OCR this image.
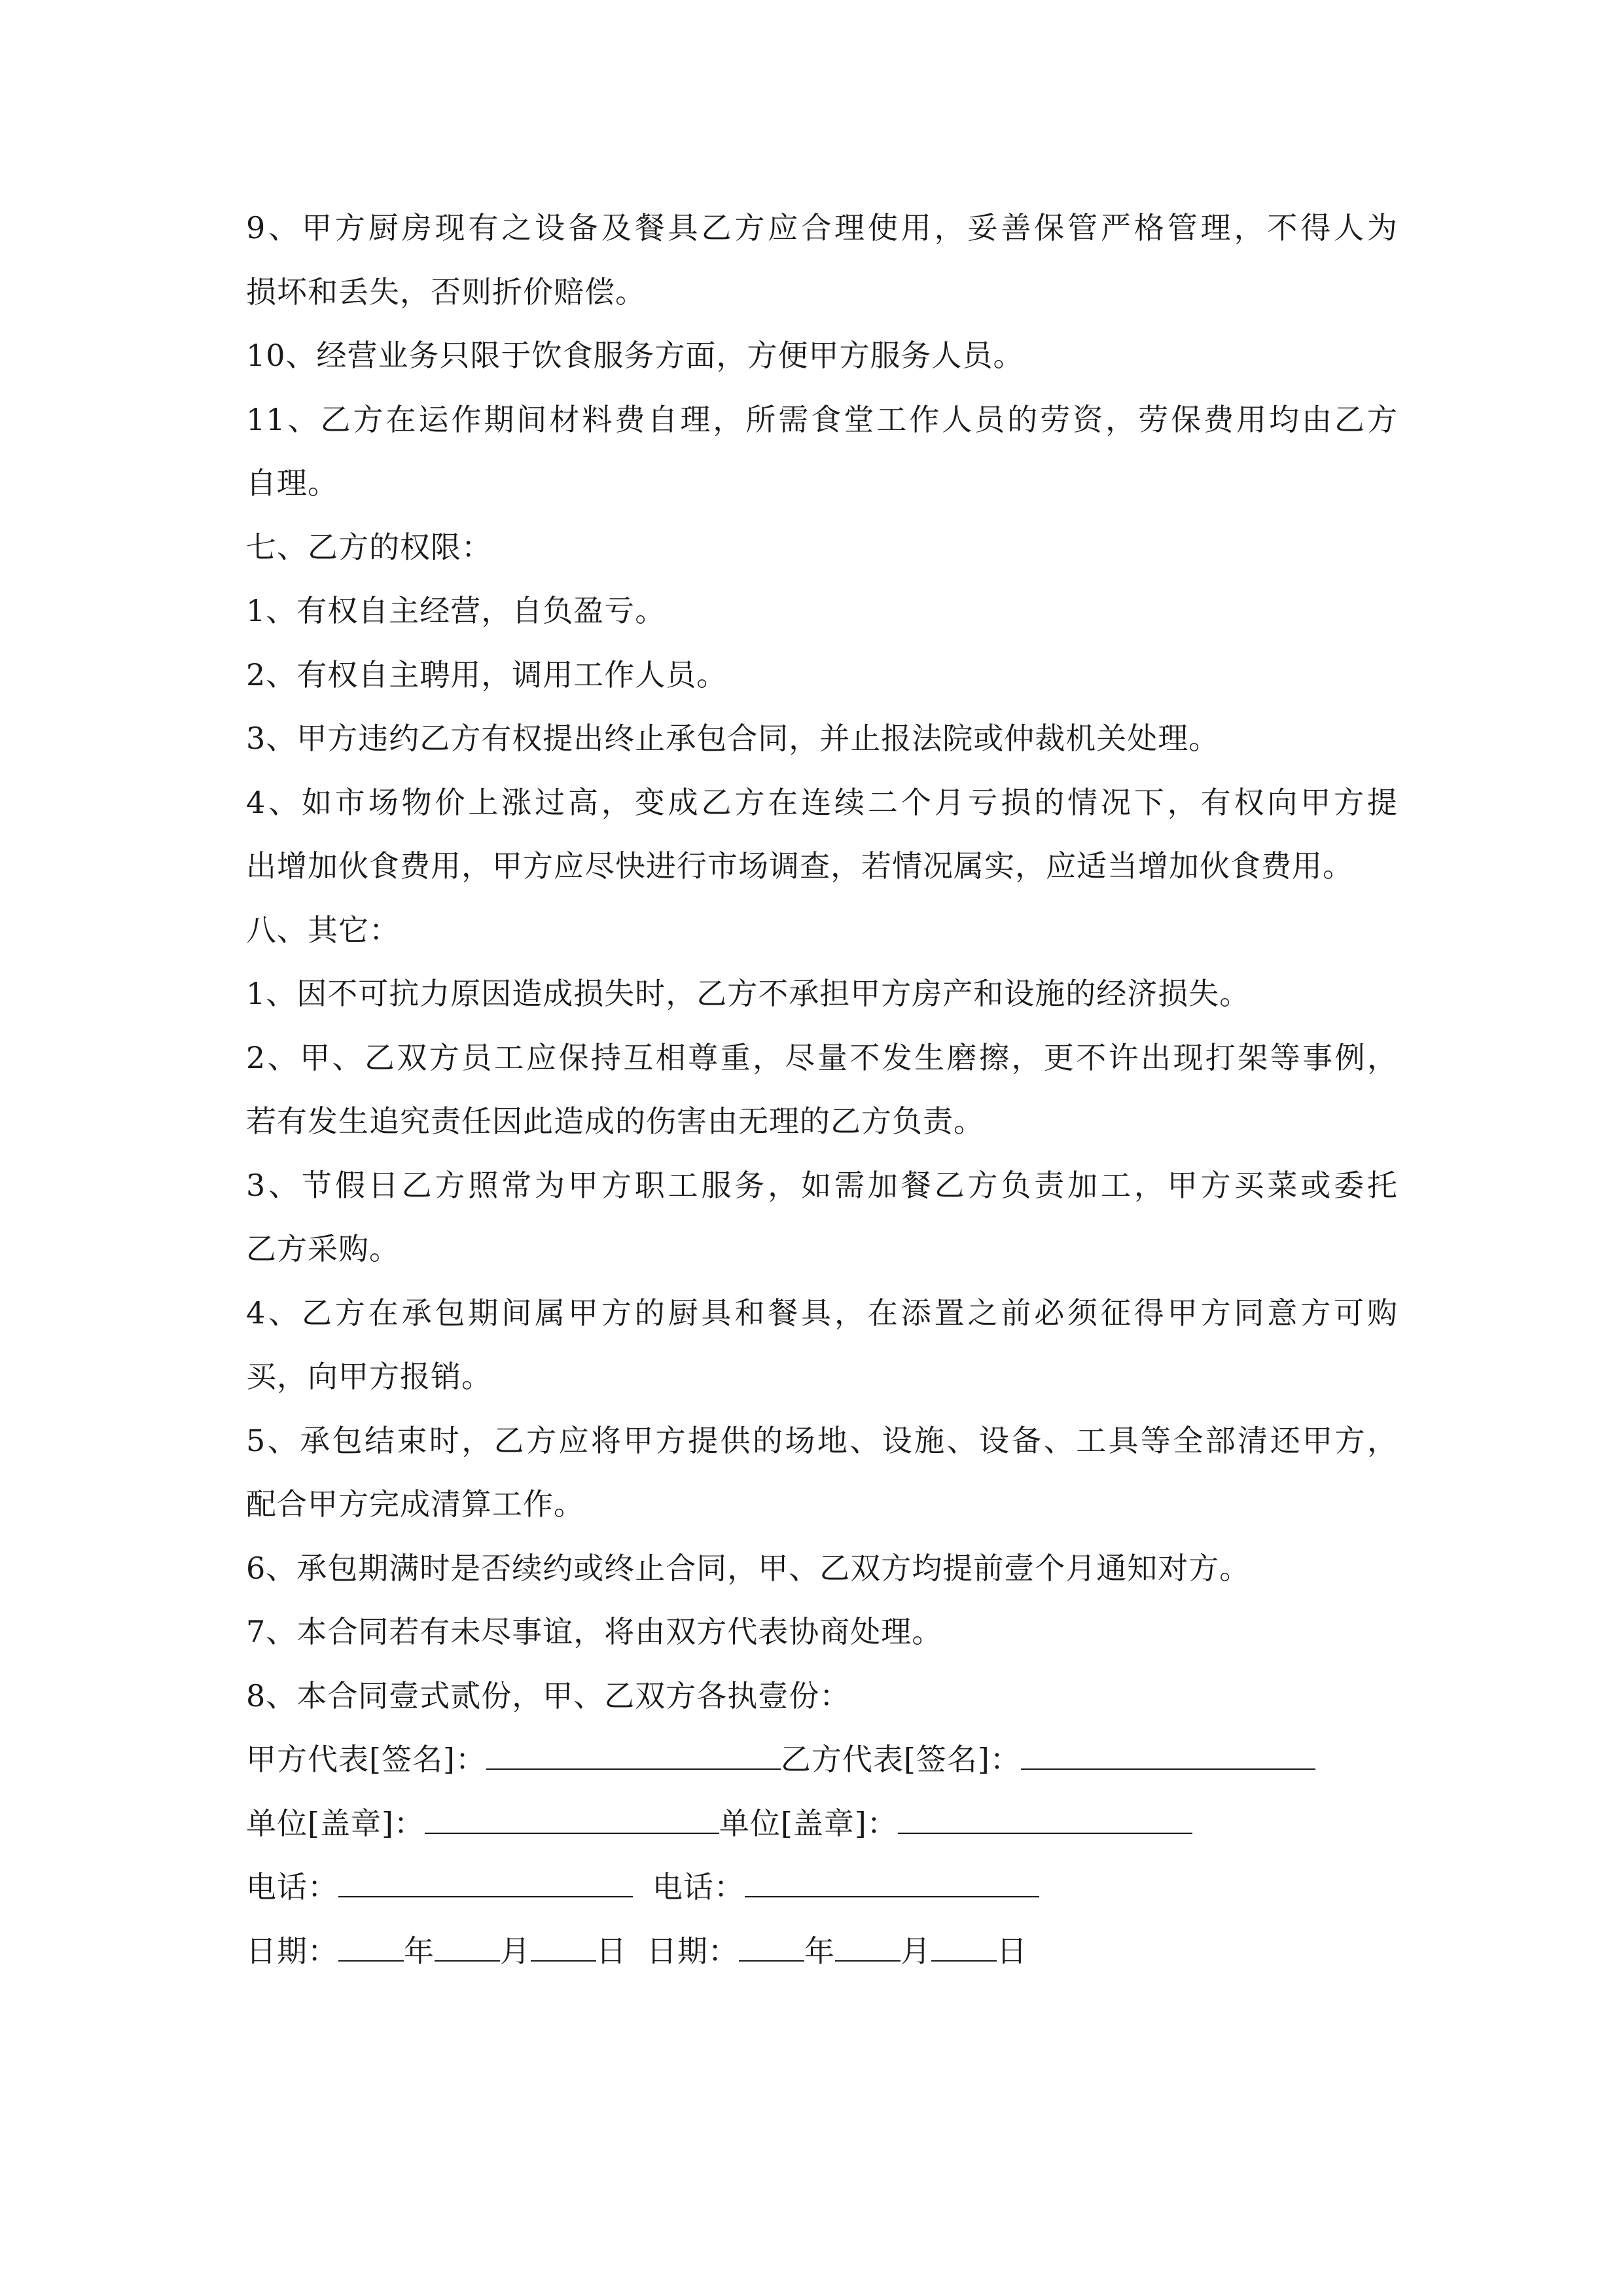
9、甲方厨房现有之设备及餐具乙方应合理使用，妥善保管严格管理，不得人为
损坏和丢失，否则折价赔偿。
10、经营业务只限于饮食服务方面，方便甲方服务人员。
11、乙方在运作期间材料费自理，所需食堂工作人员的劳资，劳保费用均由乙方
自理。
七、乙方的权限：
1、有权自主经营，自负盈亏。
2、有权自主聘用，调用工作人员。
3、甲方违约乙方有权提出终止承包合同，并止报法院或仲裁机关处理。
4、如市场物价上涨过高，变成乙方在连续二个月亏损的情况下，有权向甲方提
出增加伙食费用，甲方应尽快进行市场调查，若情况属实，应适当增加伙食费用。
八、其它：
1、因不可抗力原因造成损失时，乙方不承担甲方房产和设施的经济损失。
2、甲、乙双方员工应保持互相尊重，尽量不发生磨擦，更不许出现打架等事例，
若有发生追究责任因此造成的伤害由无理的乙方负责。
3、节假日乙方照常为甲方职工服务，如需加餐乙方负责加工，甲方买菜或委托
乙方采购。
4、乙方在承包期间属甲方的厨具和餐具，在添置之前必须征得甲方同意方可购
买，向甲方报销。
5、承包结束时，乙方应将甲方提供的场地、设施、设备、工具等全部清还甲方，
配合甲方完成清算工作。
6、承包期满时是否续约或终止合同，甲、乙双方均提前壹个月通知对方。
7、本合同若有未尽事谊，将由双方代表协商处理。
8、本合同壹式贰份，甲、乙双方各执壹份：
甲方代表[签名]：	乙方代表[签名]：
单位[盖章]：	单位[盖章]：
电话：	电话：
日期： 年 月 日 日期： 年 月 日
